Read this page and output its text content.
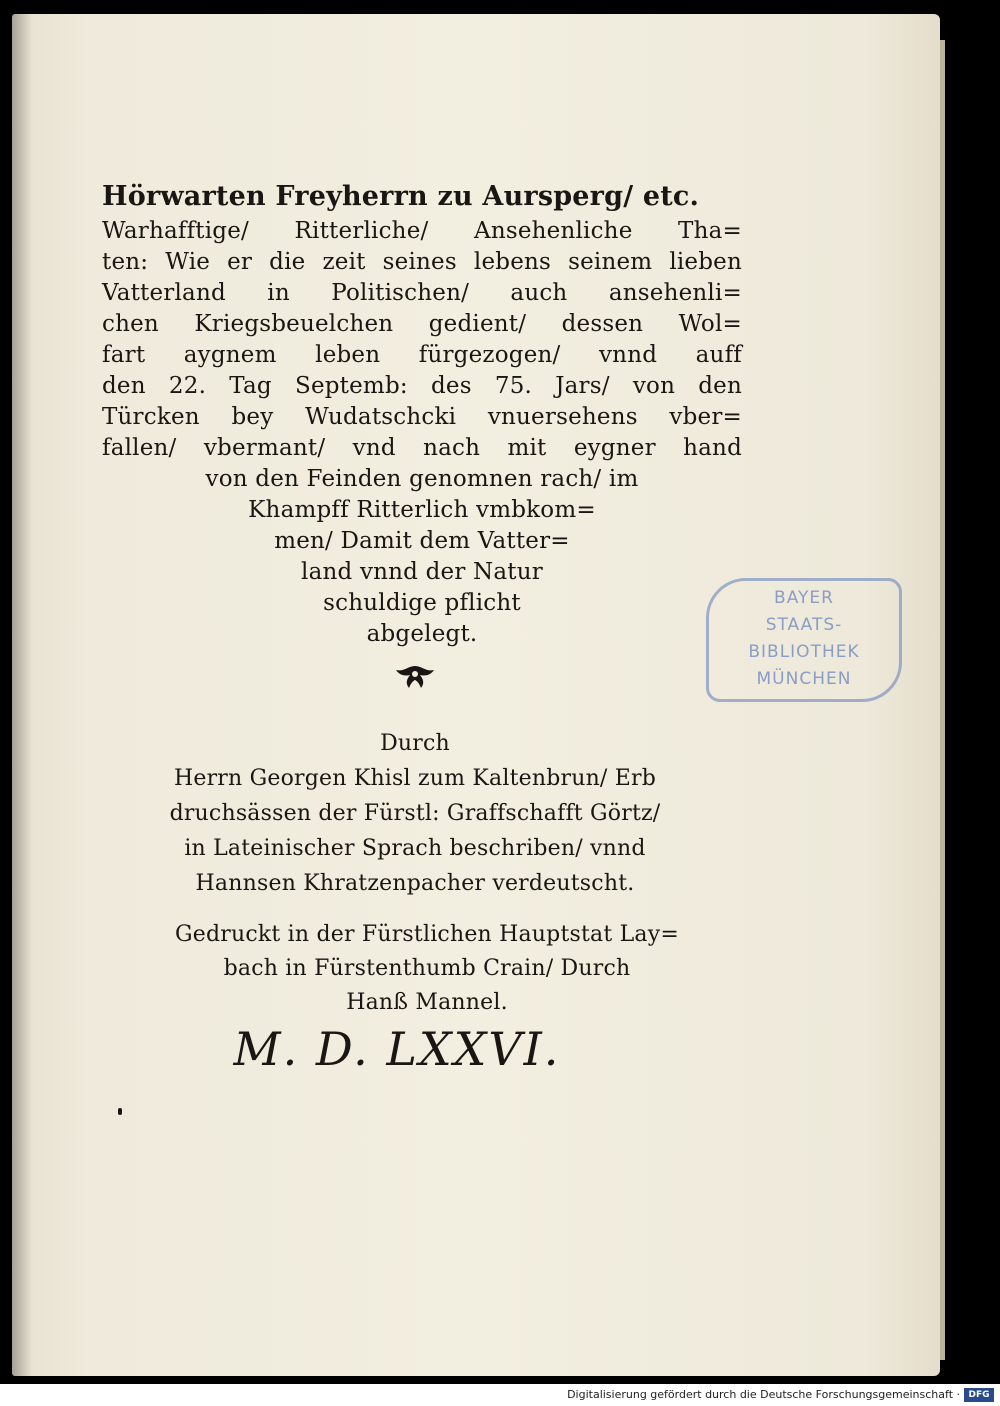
Hörwarten Freyherrn zu Aursperg/ etc.
Warhafftige/ Ritterliche/ Ansehenliche Tha=
ten: Wie er die zeit seines lebens seinem lieben
Vatterland in Politischen/ auch ansehenli=
chen Kriegsbeuelchen gedient/ dessen Wol=
fart aygnem leben fürgezogen/ vnnd auff
den 22. Tag Septemb: des 75. Jars/ von den
Türcken bey Wudatschcki vnuersehens vber=
fallen/ vbermant/ vnd nach mit eygner hand
von den Feinden genomnen rach/ im
Khampff Ritterlich vmbkom=
men/ Damit dem Vatter=
land vnnd der Natur
schuldige pflicht
abgelegt.
Durch
Herrn Georgen Khisl zum Kaltenbrun/ Erb
druchsässen der Fürstl: Graffschafft Görtz/
in Lateinischer Sprach beschriben/ vnnd
Hannsen Khratzenpacher verdeutscht.
Gedruckt in der Fürstlichen Hauptstat Lay=
bach in Fürstenthumb Crain/ Durch
Hanß Mannel.
M. D. LXXVI.
BAYER
STAATS-
BIBLIOTHEK
MÜNCHEN
Digitalisierung gefördert durch die Deutsche Forschungsgemeinschaft · DFG
